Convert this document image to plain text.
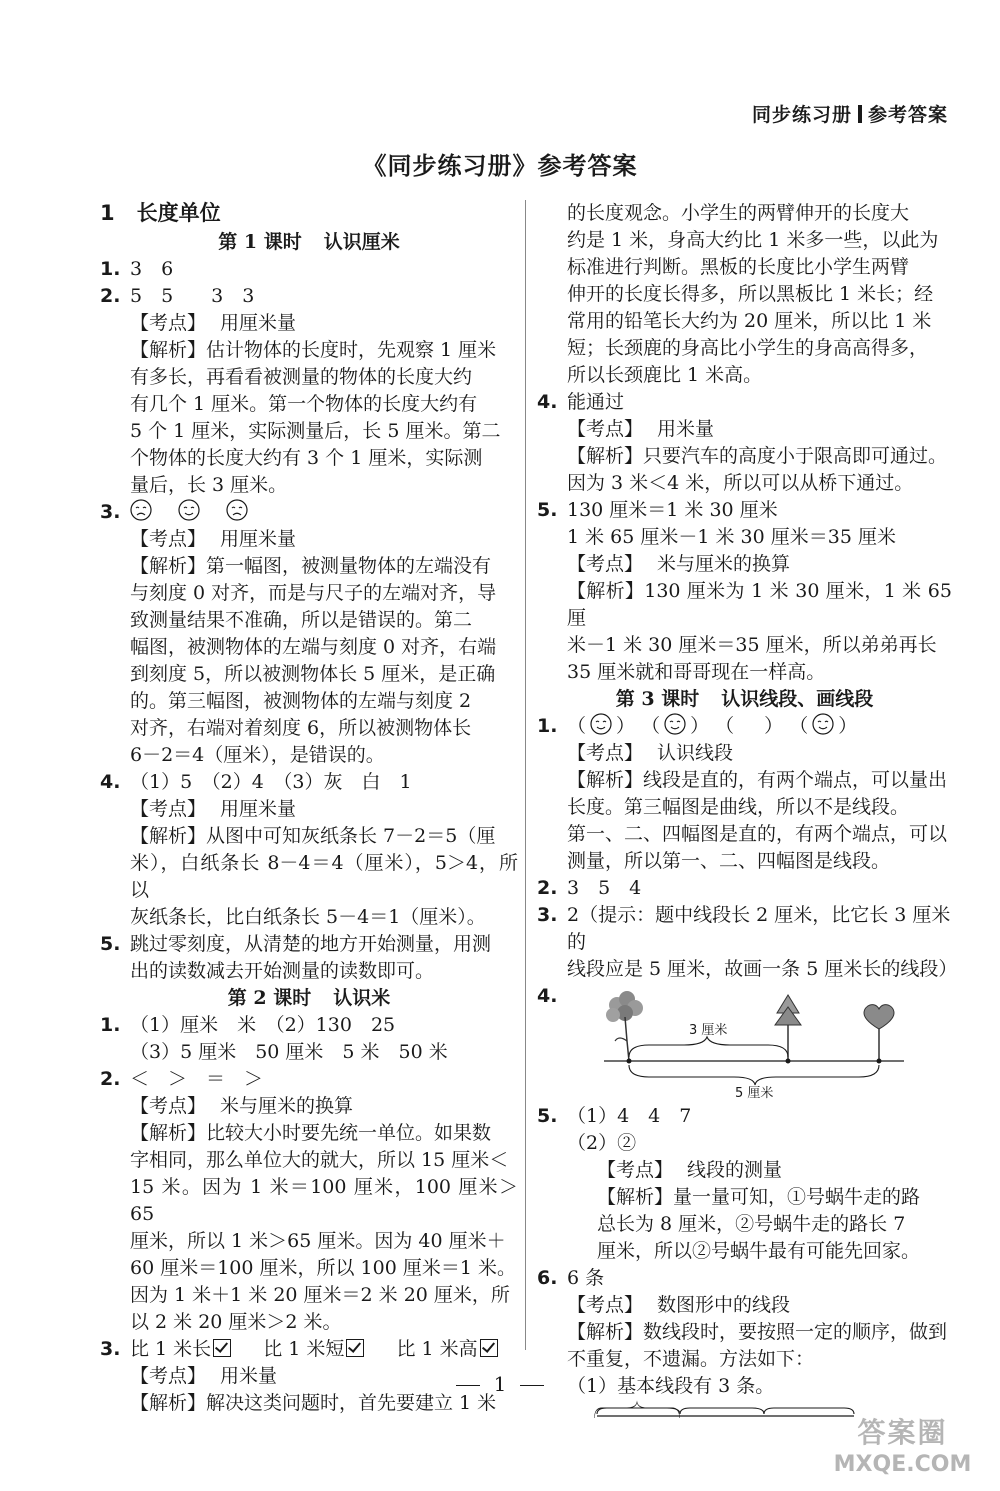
同步练习册 参考答案
《同步练习册》参考答案
1 长度单位
第 1 课时 认识厘米
1. 3　6
2. 5　5　　3　3
【考点】 用厘米量
【解析】估计物体的长度时，先观察 1 厘米
有多长，再看看被测量的物体的长度大约
有几个 1 厘米。第一个物体的长度大约有
5 个 1 厘米，实际测量后，长 5 厘米。第二
个物体的长度大约有 3 个 1 厘米，实际测
量后，长 3 厘米。
3.

【考点】 用厘米量
【解析】第一幅图，被测量物体的左端没有
与刻度 0 对齐，而是与尺子的左端对齐，导
致测量结果不准确，所以是错误的。第二
幅图，被测物体的左端与刻度 0 对齐，右端
到刻度 5，所以被测物体长 5 厘米，是正确
的。第三幅图，被测物体的左端与刻度 2
对齐，右端对着刻度 6，所以被测物体长
6－2＝4（厘米），是错误的。
4. （1）5　（2）4　（3）灰　白　1
【考点】 用厘米量
【解析】从图中可知灰纸条长 7－2＝5（厘
米），白纸条长 8－4＝4（厘米），5＞4，所以
灰纸条长，比白纸条长 5－4＝1（厘米）。
5. 跳过零刻度，从清楚的地方开始测量，用测
出的读数减去开始测量的读数即可。
第 2 课时 认识米
1. （1）厘米　米　（2）130　25
（3）5 厘米　50 厘米　5 米　50 米
2. ＜　＞　＝　＞
【考点】 米与厘米的换算
【解析】比较大小时要先统一单位。如果数
字相同，那么单位大的就大，所以 15 厘米＜
15 米。因为 1 米＝100 厘米，100 厘米＞65
厘米，所以 1 米＞65 厘米。因为 40 厘米＋
60 厘米＝100 厘米，所以 100 厘米＝1 米。
因为 1 米＋1 米 20 厘米＝2 米 20 厘米，所
以 2 米 20 厘米＞2 米。
3. 比 1 米长	比 1 米短	比 1 米高
【考点】 用米量
【解析】解决这类问题时，首先要建立 1 米
的长度观念。小学生的两臂伸开的长度大
约是 1 米，身高大约比 1 米多一些，以此为
标准进行判断。黑板的长度比小学生两臂
伸开的长度长得多，所以黑板比 1 米长；经
常用的铅笔长大约为 20 厘米，所以比 1 米
短；长颈鹿的身高比小学生的身高高得多，
所以长颈鹿比 1 米高。
4. 能通过
【考点】 用米量
【解析】只要汽车的高度小于限高即可通过。
因为 3 米＜4 米，所以可以从桥下通过。
5. 130 厘米＝1 米 30 厘米
1 米 65 厘米－1 米 30 厘米＝35 厘米
【考点】 米与厘米的换算
【解析】130 厘米为 1 米 30 厘米，1 米 65 厘
米－1 米 30 厘米＝35 厘米，所以弟弟再长
35 厘米就和哥哥现在一样高。
第 3 课时 认识线段、画线段
1. （ ） （ ） （ ） （ ）
【考点】 认识线段
【解析】线段是直的，有两个端点，可以量出
长度。第三幅图是曲线，所以不是线段。
第一、二、四幅图是直的，有两个端点，可以
测量，所以第一、二、四幅图是线段。
2. 3　5　4
3. 2（提示：题中线段长 2 厘米，比它长 3 厘米的
线段应是 5 厘米，故画一条 5 厘米长的线段）
4.
3 厘米
5 厘米
5. （1）4　4　7
（2）②
【考点】 线段的测量
【解析】量一量可知，①号蜗牛走的路
总长为 8 厘米，②号蜗牛走的路长 7
厘米，所以②号蜗牛最有可能先回家。
6. 6 条
【考点】 数图形中的线段
【解析】数线段时，要按照一定的顺序，做到
不重复，不遗漏。方法如下：
（1）基本线段有 3 条。
1
答案圈
MXQE.COM
